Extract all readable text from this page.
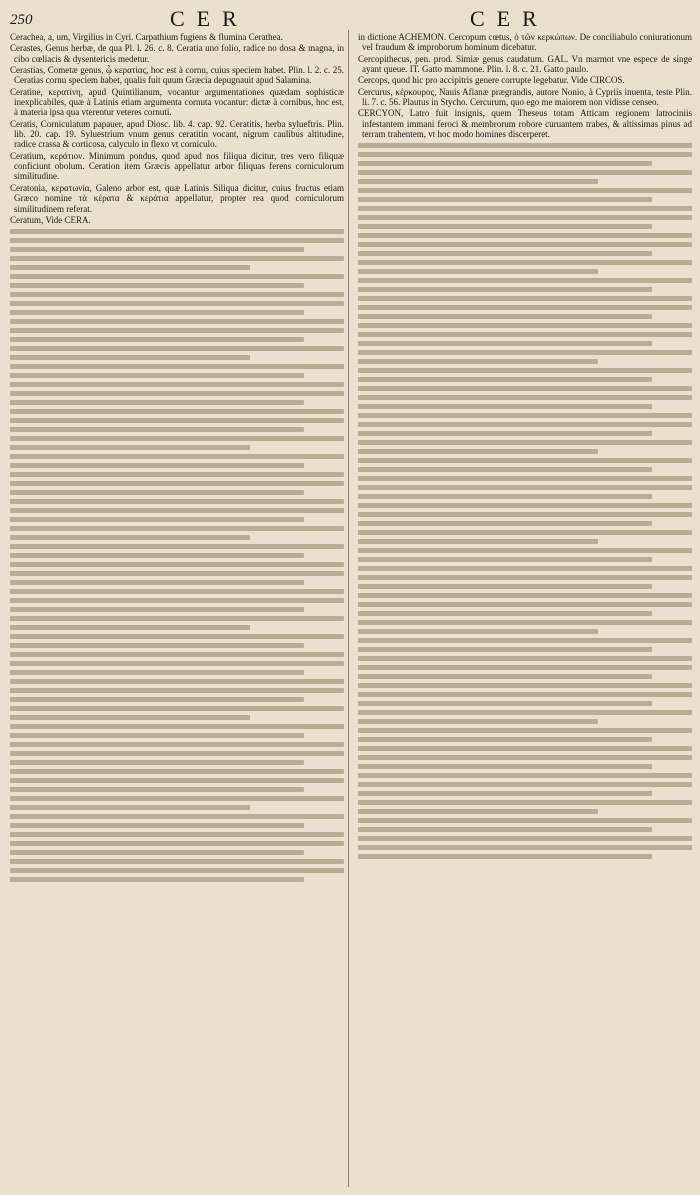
250	CER	CER

Cerachea, a, um, Virgilius in Cyri. Carpathium fugiens & flumina Cerathea.

Cerastes, Genus herbæ, de qua Pl. l. 26. c. 8. Ceratia uno folio, radice no dosa & magna, in cibo cœliacis & dysentericis medetur.

Cerastias, Cometæ genus, ᾧ κερατίας, hoc est à cornu, cuius speciem habet. Plin. l. 2. c. 25. Ceratias cornu speciem habet, qualis fuit quum Græcia depugnauit apud Salamina.

Ceratine, κερατίνη, apud Quintilianum, vocantur argumentationes quædam sophisticæ inexplicabiles, quæ à Latinis etiam argumenta cornuta vocantur: dictæ à cornibus, hoc est, à materia ipsa qua vterentur veteres cornuti.

Ceratis, Corniculatum papauer, apud Diosc. lib. 4. cap. 92. Ceratitis, herba sylueftris. Plin. lib. 20. cap. 19. Syluestrium vnum genus ceratitin vocant, nigrum caulibus altitudine, radice crassa & corticosa, calyculo in flexo vt corniculo.

Ceratium, κεράτιον. Minimum pondus, quod apud nos filiqua dicitur, tres vero filiquæ conficiunt obolum. Ceration item Græcis appellatur arbor filiquas ferens corniculorum similitudine.

Ceratonia, κερατωνία, Galeno arbor est, quæ Latinis Siliqua dicitur, cuius fructus etiam Græco nomine τὰ κέρατα & κεράτια appellatur, propter rea quod corniculorum similitudinem referat.

Ceratum, Vide CERA.

in dictione ACHEMON. Cercopum cœtus, ὁ τῶν κερκώπων. De conciliabulo coniurationum vel fraudum & improborum hominum dicebatur.

Cercopithecus, pen. prod. Simiæ genus caudatum. GAL. Vn marmot vne espece de singe ayant queue. IT. Gatto mammone. Plin. l. 8. c. 21. Gatto paulo.

Cercops, quod hic pro accipitris genere corrupte legebatur. Vide CIRCOS.

Cercurus, κέρκουρος, Nauis Afianæ prægrandis, autore Nonio, à Cypriis inuenta, teste Plin. li. 7. c. 56. Plautus in Stycho. Cercurum, quo ego me maiorem non vidisse censeo.

CERCYON, Latro fuit insignis, quem Theseus totam Atticam regionem latrociniis infestantem immani feroci & membrorum robore curuantem trabes, & altissimas pinus ad terram trahentem, vt hoc modo homines discerperet.
